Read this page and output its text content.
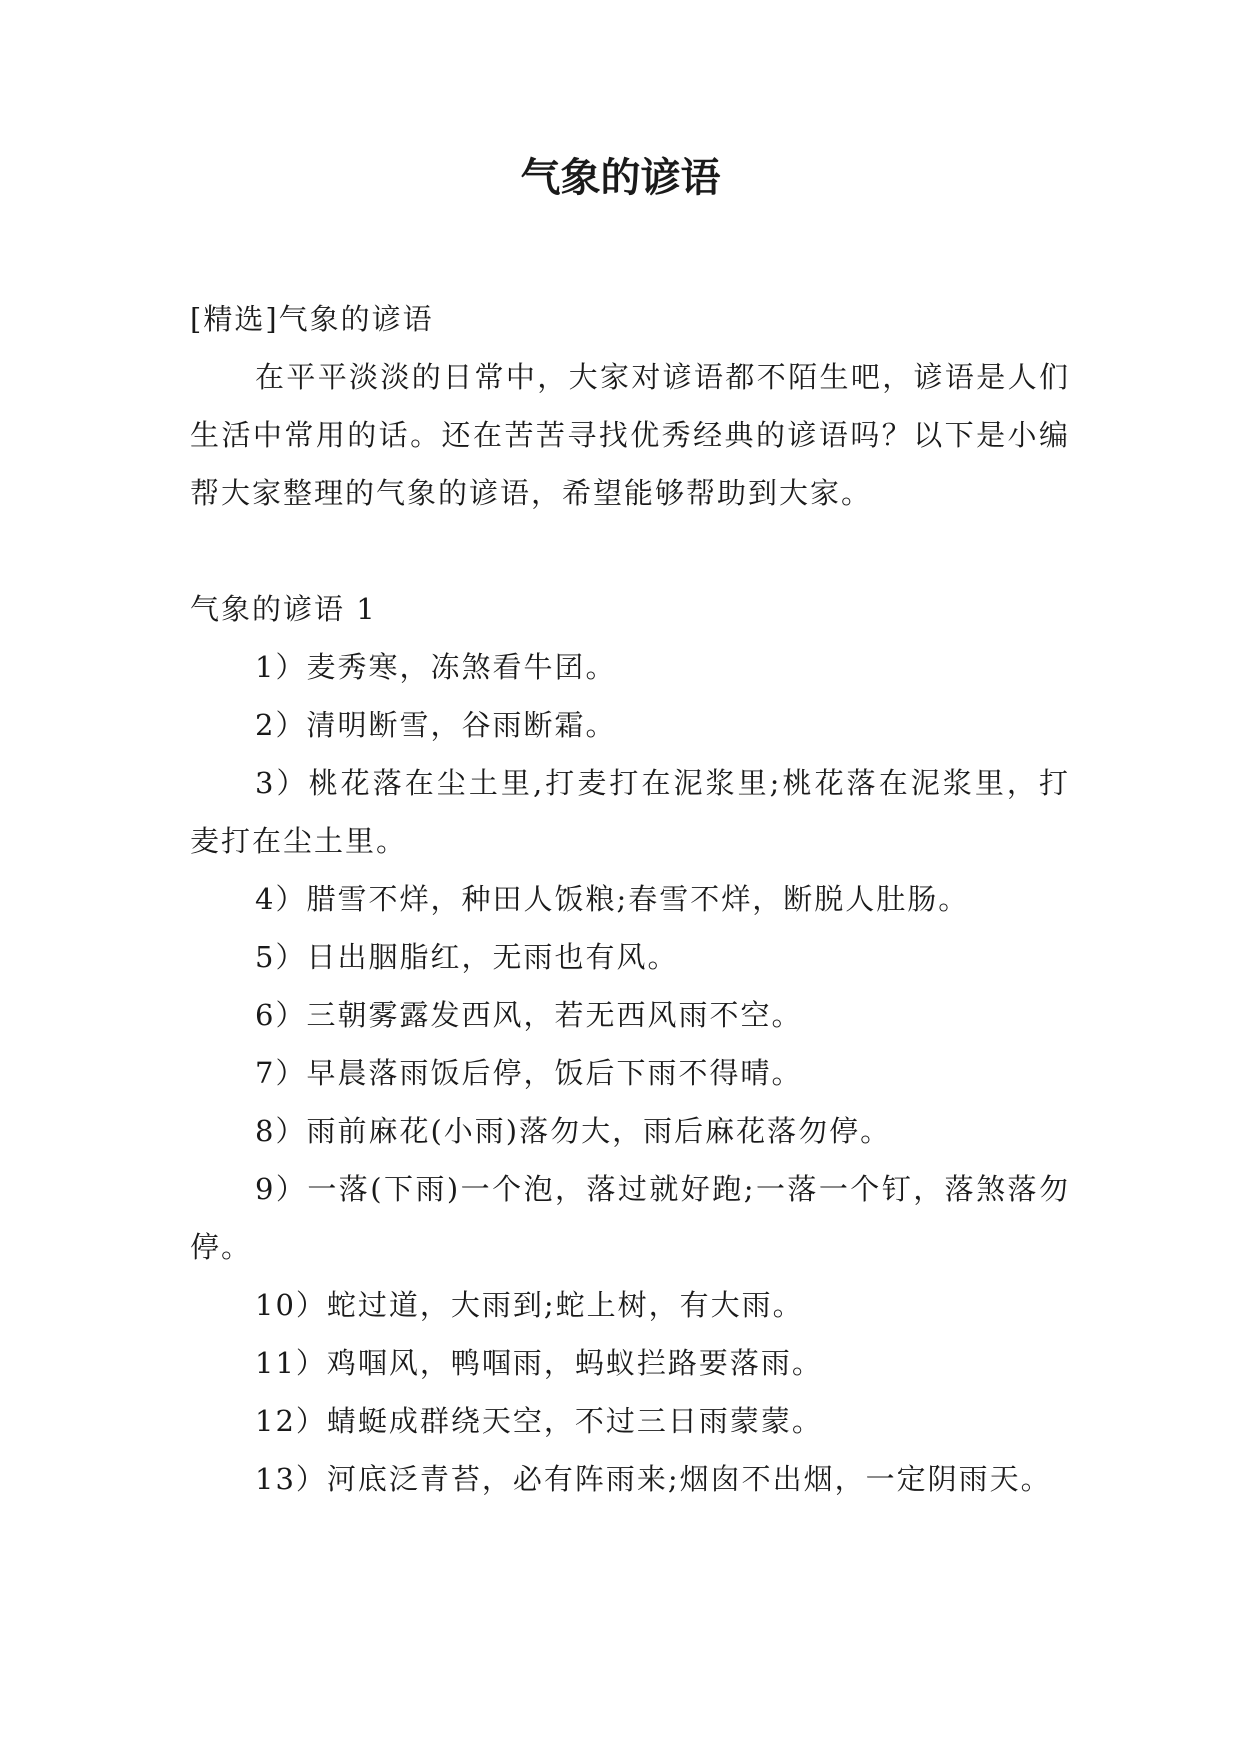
气象的谚语

[精选]气象的谚语

在平平淡淡的日常中，大家对谚语都不陌生吧，谚语是人们生活中常用的话。还在苦苦寻找优秀经典的谚语吗？以下是小编帮大家整理的气象的谚语，希望能够帮助到大家。

气象的谚语 1

1）麦秀寒，冻煞看牛囝。

2）清明断雪，谷雨断霜。

3）桃花落在尘土里,打麦打在泥浆里;桃花落在泥浆里，打麦打在尘土里。

4）腊雪不烊，种田人饭粮;春雪不烊，断脱人肚肠。

5）日出胭脂红，无雨也有风。

6）三朝雾露发西风，若无西风雨不空。

7）早晨落雨饭后停，饭后下雨不得晴。

8）雨前麻花(小雨)落勿大，雨后麻花落勿停。

9）一落(下雨)一个泡，落过就好跑;一落一个钉，落煞落勿停。

10）蛇过道，大雨到;蛇上树，有大雨。

11）鸡啯风，鸭啯雨，蚂蚁拦路要落雨。

12）蜻蜓成群绕天空，不过三日雨蒙蒙。

13）河底泛青苔，必有阵雨来;烟囱不出烟，一定阴雨天。
